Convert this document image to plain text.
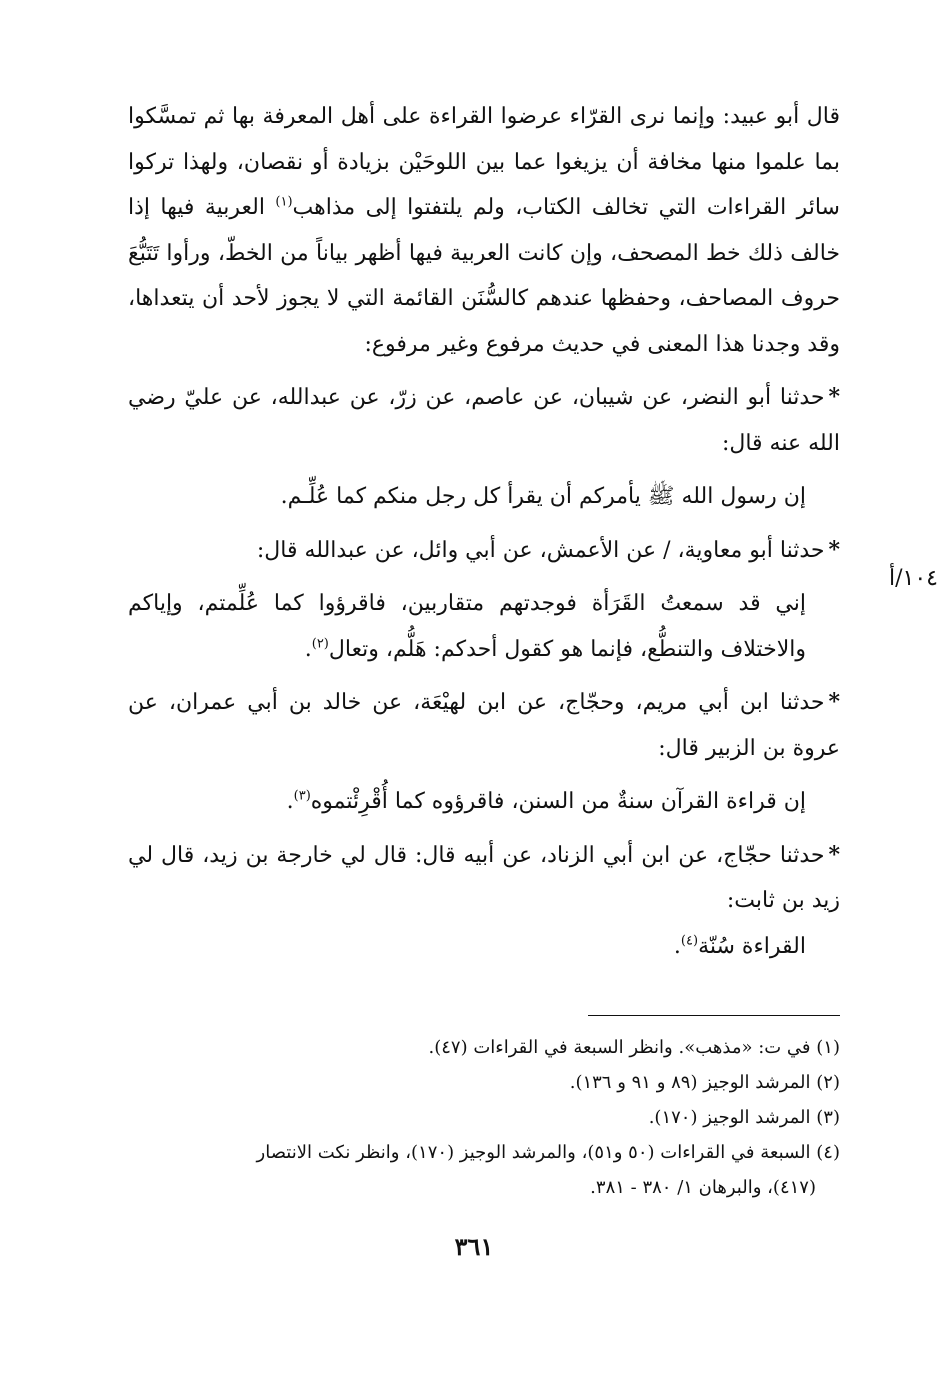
قال أبو عبيد: وإنما نرى القرّاء عرضوا القراءة على أهل المعرفة بها ثم تمسَّكوا بما علموا منها مخافة أن يزيغوا عما بين اللوحَيْن بزيادة أو نقصان، ولهذا تركوا سائر القراءات التي تخالف الكتاب، ولم يلتفتوا إلى مذاهب$^{(١)}$ العربية فيها إذا خالف ذلك خط المصحف، وإن كانت العربية فيها أظهر بياناً من الخطّ، ورأوا تَتَبُّعَ حروف المصاحف، وحفظها عندهم كالسُّنَن القائمة التي لا يجوز لأحد أن يتعداها، وقد وجدنا هذا المعنى في حديث مرفوع وغير مرفوع:

*حدثنا أبو النضر، عن شيبان، عن عاصم، عن زرّ، عن عبدالله، عن عليّ رضي الله عنه قال:

إن رسول الله ﷺ يأمركم أن يقرأ كل رجل منكم كما عُلِّـم.

*حدثنا أبو معاوية، / عن الأعمش، عن أبي وائل، عن عبدالله قال:

إني قد سمعتُ القَرَأة فوجدتهم متقاربين، فاقرؤوا كما عُلِّمتم، وإياكم والاختلاف والتنطُّع، فإنما هو كقول أحدكم: هَلُّم، وتعال$^{(٢)}$.

*حدثنا ابن أبي مريم، وحجّاج، عن ابن لهيْعَة، عن خالد بن أبي عمران، عن عروة بن الزبير قال:

إن قراءة القرآن سنةٌ من السنن، فاقرؤوه كما أُقْرِئْتموه$^{(٣)}$.

*حدثنا حجّاج، عن ابن أبي الزناد، عن أبيه قال: قال لي خارجة بن زيد، قال لي زيد بن ثابت:

القراءة سُنّة$^{(٤)}$.

١٠٤/أ

(١) في ت: «مذهب». وانظر السبعة في القراءات (٤٧).

(٢) المرشد الوجيز (٨٩ و ٩١ و ١٣٦).

(٣) المرشد الوجيز (١٧٠).

(٤) السبعة في القراءات (٥٠ و٥١)، والمرشد الوجيز (١٧٠)، وانظر نكت الانتصار

(٤١٧)، والبرهان ١/ ٣٨٠ - ٣٨١.

٣٦١
